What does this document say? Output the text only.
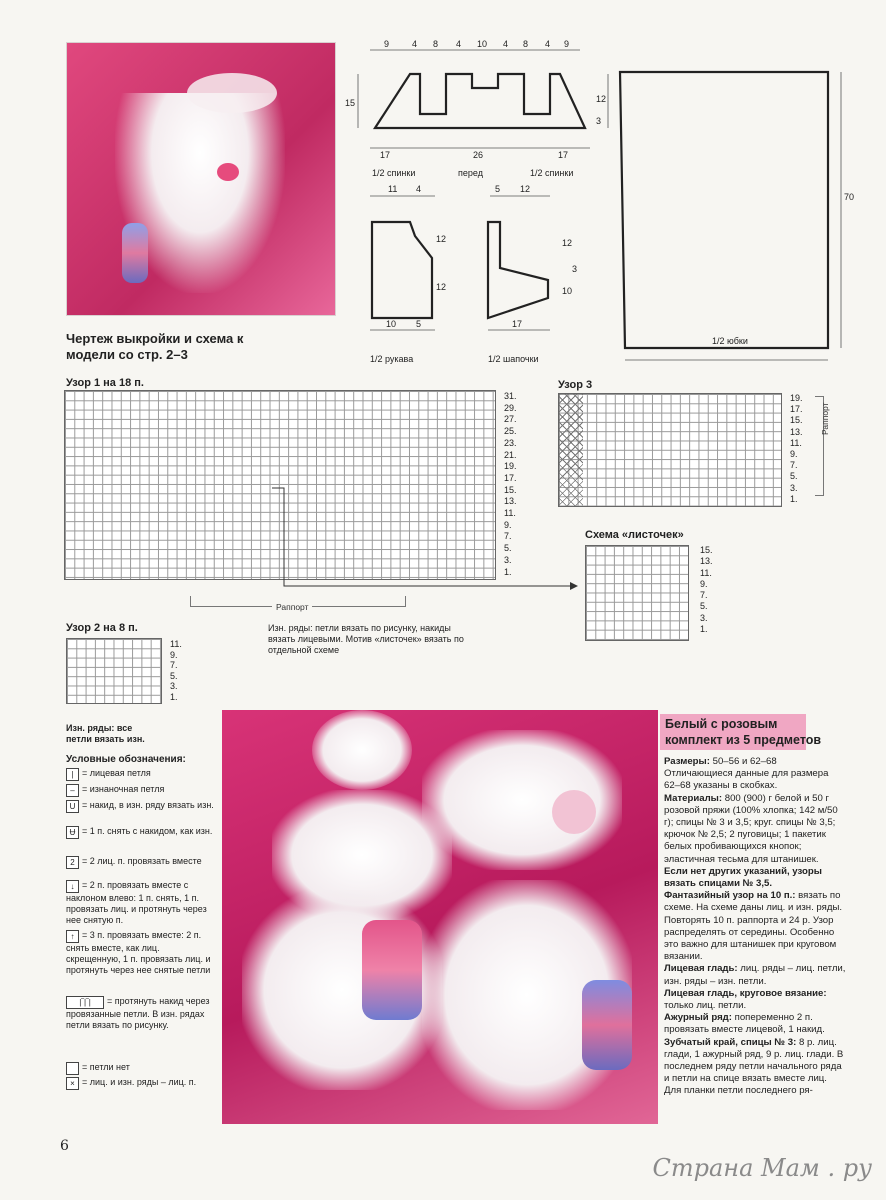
Чертеж выкройки и схема к модели со стр. 2–3
9	4 8 4 10 4 8 4 9
15	12
3
17	26	17
1/2 спинки	перед	1/2 спинки
70
1/2 юбки
11 4
12
12
10 5
1/2 рукава
5 12
12
3
10
17
1/2 шапочки
Узор 1 на 18 п.
31.
29.
27.
25.
23.
21.
19.
17.
15.
13.
11.
9.
7.
5.
3.
1.
Раппорт
Изн. ряды: петли вязать по рисунку, накиды вязать лицевыми. Мотив «листочек» вязать по отдельной схеме
Узор 3
19.
17.
15.
13.
11.
9.
7.
5.
3.
1.
Раппорт
Схема «листочек»
15.
13.
11.
9.
7.
5.
3.
1.
Узор 2 на 8 п.
11.
9.
7.
5.
3.
1.
Изн. ряды: все петли вязать изн.
Условные обозначения:
| = лицевая петля
– = изнаночная петля
U = накид, в изн. ряду вязать изн.
Ʉ = 1 п. снять с накидом, как изн.
2 = 2 лиц. п. провязать вместе
↓ = 2 п. провязать вместе с наклоном влево: 1 п. снять, 1 п. провязать лиц. и протянуть через нее снятую п.
↑ = 3 п. провязать вместе: 2 п. снять вместе, как лиц. скрещенную, 1 п. провязать лиц. и протянуть через нее снятые петли
|‾|‾| = протянуть накид через провязанные петли. В изн. рядах петли вязать по рисунку.
= петли нет
× = лиц. и изн. ряды – лиц. п.
Белый с розовым комплект из 5 предметов
Размеры: 50–56 и 62–68
Отличающиеся данные для размера 62–68 указаны в скобках.
Материалы: 800 (900) г белой и 50 г розовой пряжи (100% хлопка; 142 м/50 г); спицы № 3 и 3,5; круг. спицы № 3,5; крючок № 2,5; 2 пуговицы; 1 пакетик белых пробивающихся кнопок; эластичная тесьма для штанишек.
Если нет других указаний, узоры вязать спицами № 3,5.
Фантазийный узор на 10 п.: вязать по схеме. На схеме даны лиц. и изн. ряды. Повторять 10 п. раппорта и 24 р. Узор распределять от середины. Особенно это важно для штанишек при круговом вязании.
Лицевая гладь: лиц. ряды – лиц. петли, изн. ряды – изн. петли.
Лицевая гладь, круговое вязание: только лиц. петли.
Ажурный ряд: попеременно 2 п. провязать вместе лицевой, 1 накид.
Зубчатый край, спицы № 3: 8 р. лиц. глади, 1 ажурный ряд, 9 р. лиц. глади. В последнем ряду петли начального ряда и петли на спице вязать вместе лиц. Для планки петли последнего ря-
6
Страна Мам . ру
